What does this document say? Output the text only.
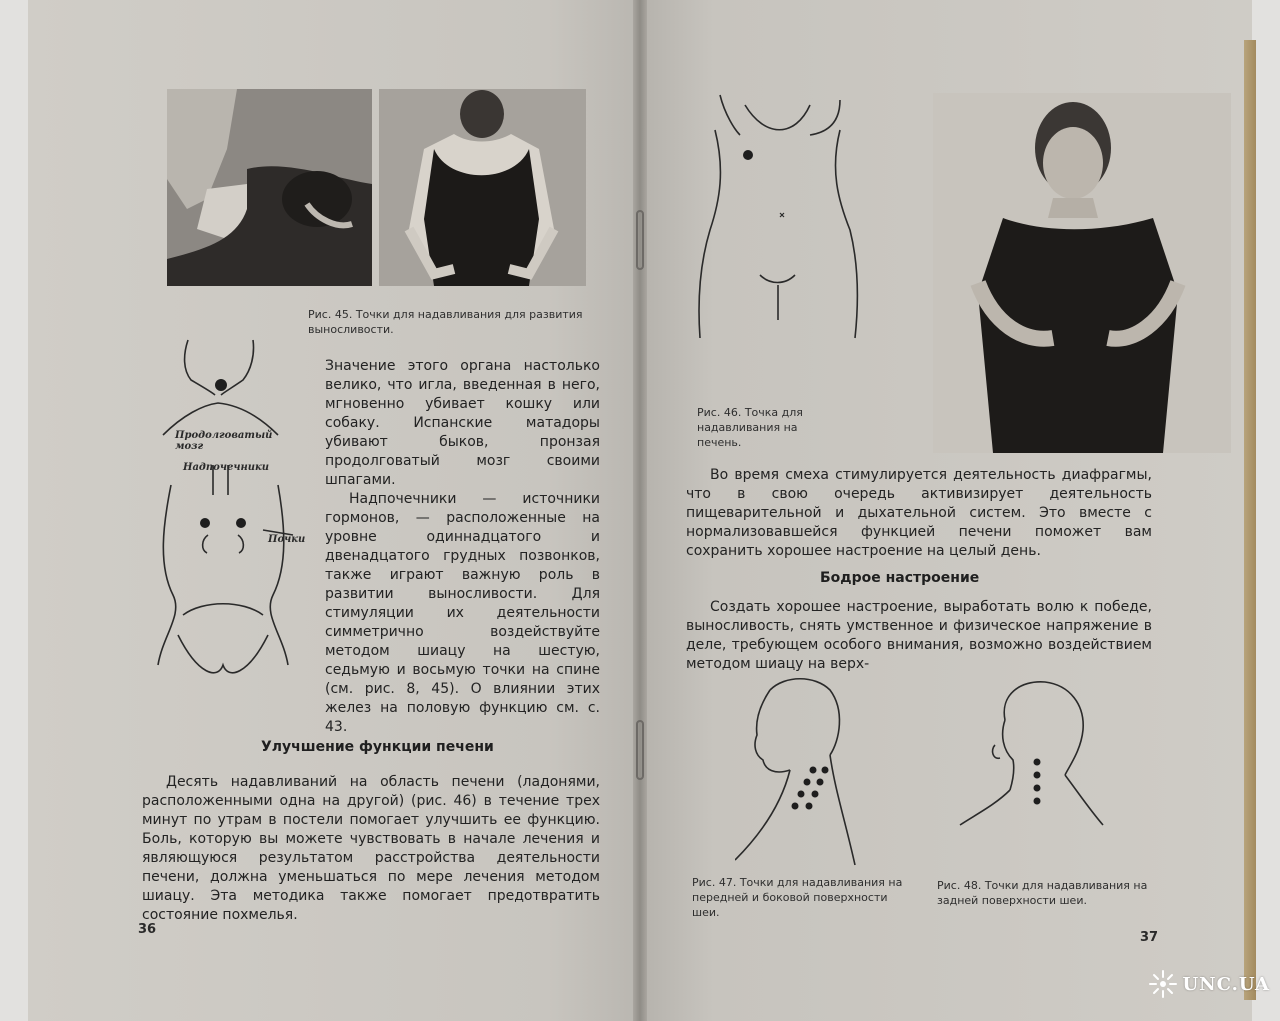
Рис. 45. Точки для надавливания для развития выносливости.

Продолговатый мозг
Надпочечники
Почки

Значение этого органа настолько велико, что игла, введенная в него, мгновенно убивает кошку или собаку. Испанские матадоры убивают быков, пронзая продолговатый мозг своими шпагами.

Надпочечники — источники гормонов, — расположенные на уровне одиннадцатого и двенадцатого грудных позвонков, также играют важную роль в развитии выносливости. Для стимуляции их деятельности симметрично воздействуйте методом шиацу на шестую, седьмую и восьмую точки на спине (см. рис. 8, 45). О влиянии этих желез на половую функцию см. с. 43.

Улучшение функции печени

Десять надавливаний на область печени (ладонями, расположенными одна на другой) (рис. 46) в течение трех минут по утрам в постели помогает улучшить ее функцию. Боль, которую вы можете чувствовать в начале лечения и являющуюся результатом расстройства деятельности печени, должна уменьшаться по мере лечения методом шиацу. Эта методика также помогает предотвратить состояние похмелья.

36

Рис. 46. Точка для надавливания на печень.

Во время смеха стимулируется деятельность диафрагмы, что в свою очередь активизирует деятельность пищеварительной и дыхательной систем. Это вместе с нормализовавшейся функцией печени поможет вам сохранить хорошее настроение на целый день.

Бодрое настроение

Создать хорошее настроение, выработать волю к победе, выносливость, снять умственное и физическое напряжение в деле, требующем особого внимания, возможно воздействием методом шиацу на верх-

Рис. 47. Точки для надавливания на передней и боковой поверхности шеи.

Рис. 48. Точки для надавливания на задней поверхности шеи.

37
UNC.UA
